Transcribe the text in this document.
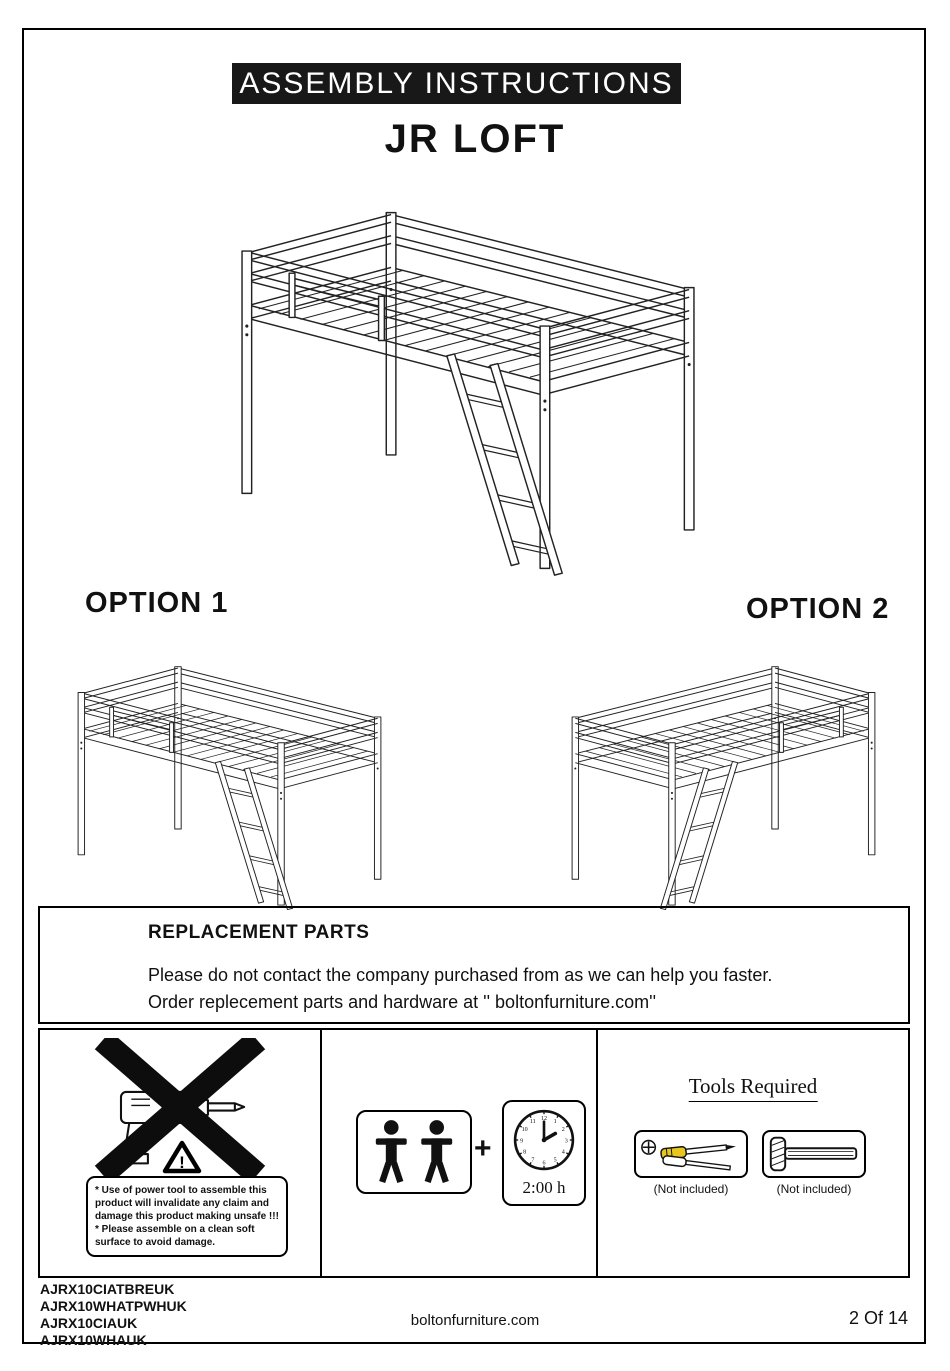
ASSEMBLY INSTRUCTIONS
JR LOFT
OPTION 1	OPTION 2
REPLACEMENT PARTS
Please do not contact the company purchased from as we can help you faster.
Order replecement parts and hardware at '' boltonfurniture.com''
!
* Use of power tool to assemble this product will invalidate any claim and damage this product making unsafe !!!
* Please assemble on a clean soft surface to avoid damage.
+
12 1
2
3
4
5
6
7
8
9
10
11
2:00 h
Tools Required
(Not included)	(Not included)
AJRX10CIATBREUK
AJRX10WHATPWHUK
AJRX10CIAUK
AJRX10WHAUK
boltonfurniture.com	2 Of 14
